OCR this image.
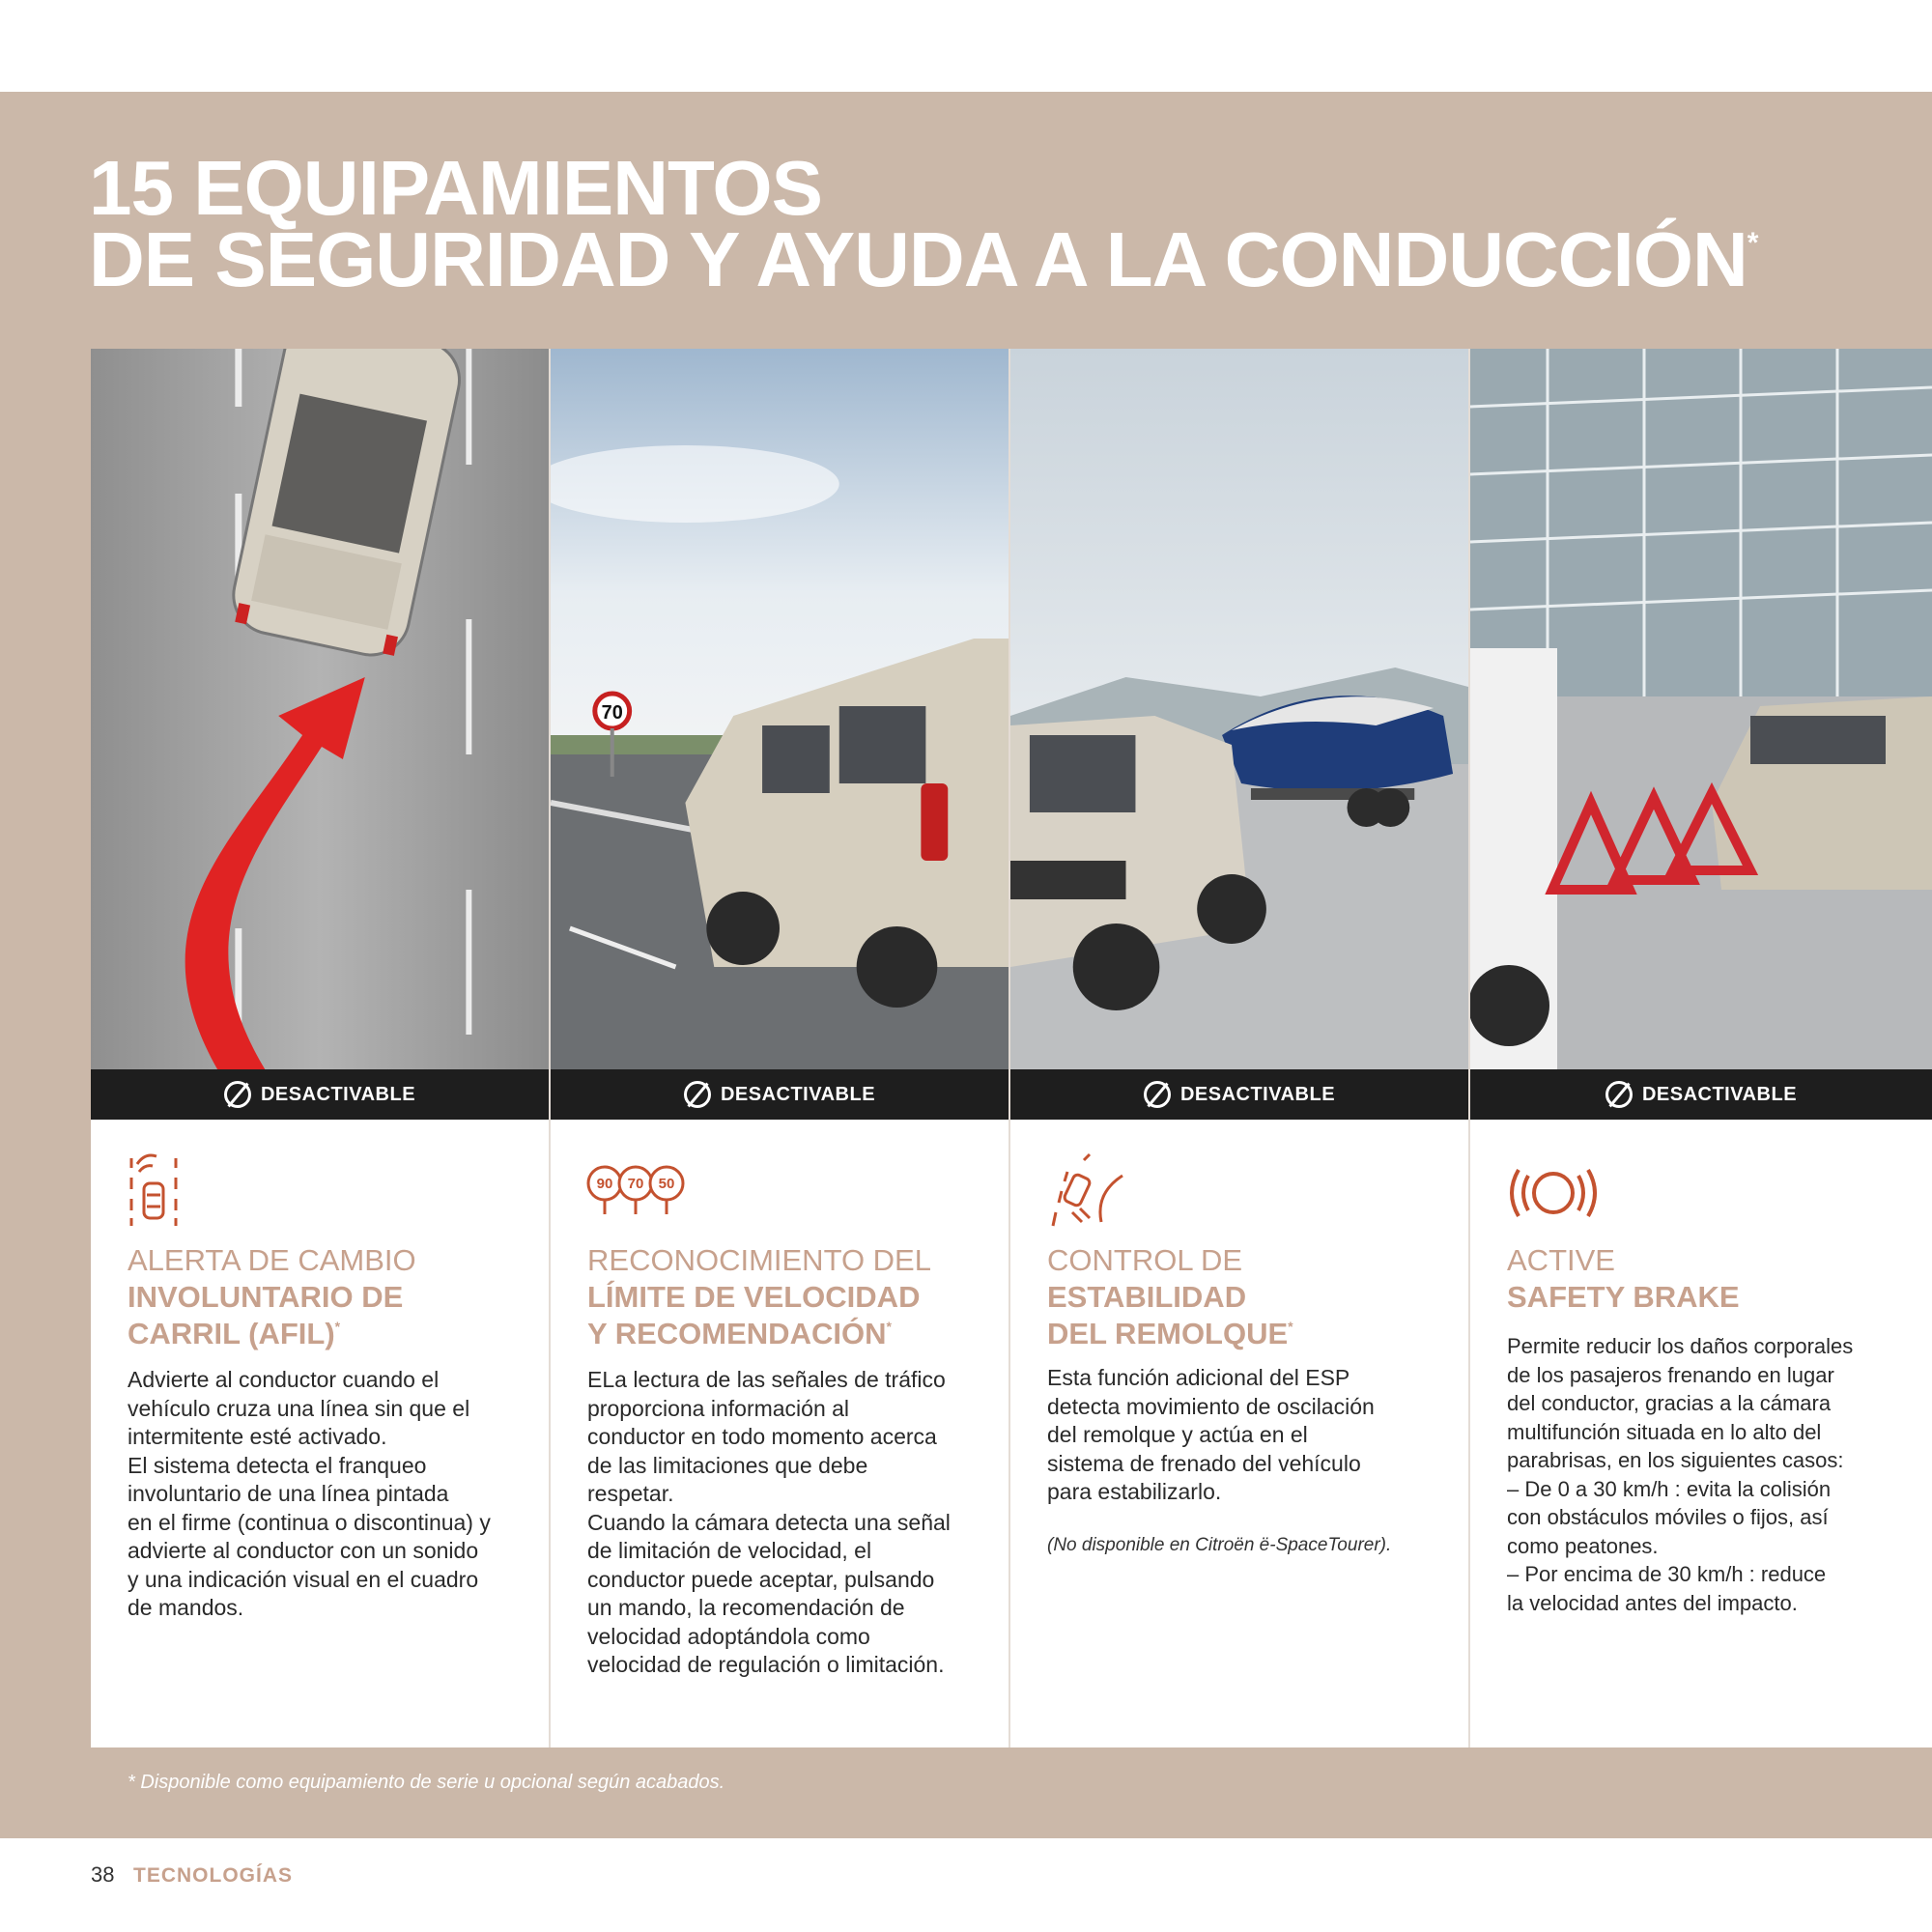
15 EQUIPAMIENTOS
DE SEGURIDAD Y AYUDA A LA CONDUCCIÓN*
DESACTIVABLE
ALERTA DE CAMBIO
INVOLUNTARIO DE
CARRIL (AFIL)*

Advierte al conductor cuando el
vehículo cruza una línea sin que el
intermitente esté activado.
El sistema detecta el franqueo
involuntario de una línea pintada
en el firme (continua o discontinua) y
advierte al conductor con un sonido
y una indicación visual en el cuadro
de mandos.

70
DESACTIVABLE
90 70 50
RECONOCIMIENTO DEL
LÍMITE DE VELOCIDAD
Y RECOMENDACIÓN*

ELa lectura de las señales de tráfico
proporciona información al
conductor en todo momento acerca
de las limitaciones que debe
respetar.
Cuando la cámara detecta una señal
de limitación de velocidad, el
conductor puede aceptar, pulsando
un mando, la recomendación de
velocidad adoptándola como
velocidad de regulación o limitación.

DESACTIVABLE
CONTROL DE
ESTABILIDAD
DEL REMOLQUE*

Esta función adicional del ESP
detecta movimiento de oscilación
del remolque y actúa en el
sistema de frenado del vehículo
para estabilizarlo.

(No disponible en Citroën ë-SpaceTourer).

DESACTIVABLE
ACTIVE
SAFETY BRAKE

Permite reducir los daños corporales
de los pasajeros frenando en lugar
del conductor, gracias a la cámara
multifunción situada en lo alto del
parabrisas, en los siguientes casos:
– De 0 a 30 km/h : evita la colisión
con obstáculos móviles o fijos, así
como peatones.
– Por encima de 30 km/h : reduce
la velocidad antes del impacto.

* Disponible como equipamiento de serie u opcional según acabados.

38 TECNOLOGÍAS
